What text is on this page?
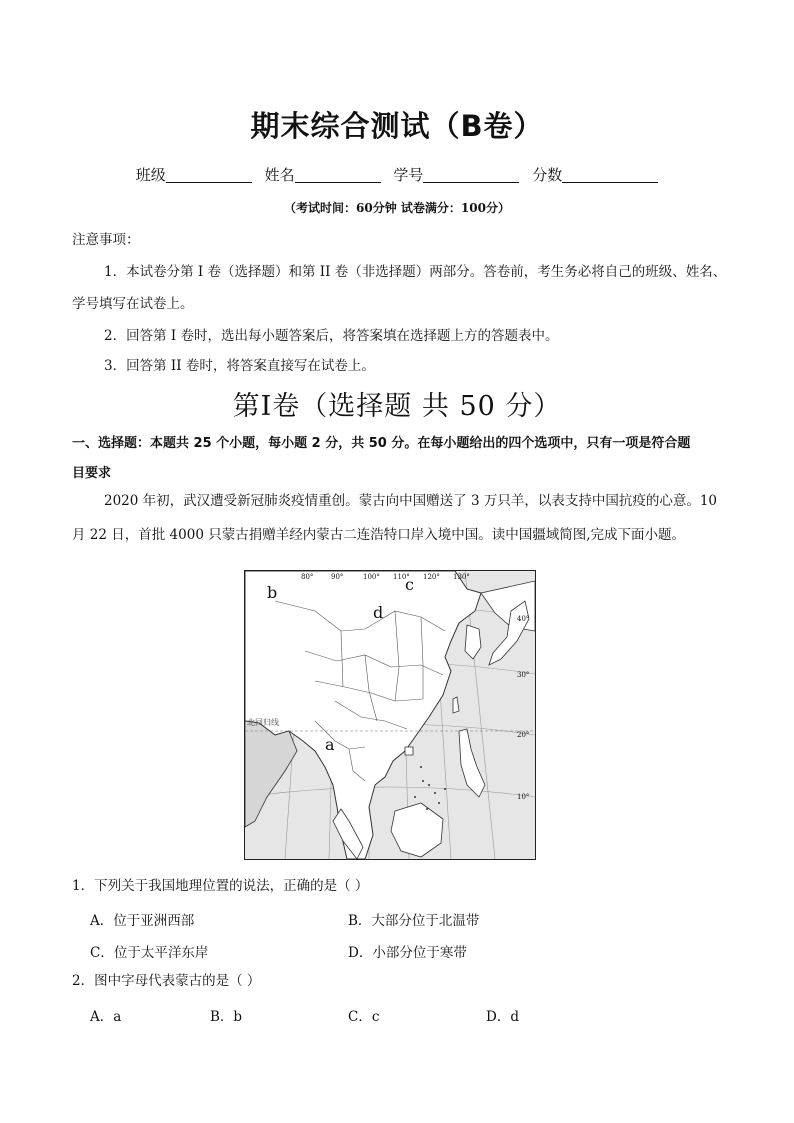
期末综合测试（B卷）
班级	姓名	学号	分数
（考试时间：60分钟 试卷满分：100分）
注意事项：
1．本试卷分第 I 卷（选择题）和第 II 卷（非选择题）两部分。答卷前，考生务必将自己的班级、姓名、
学号填写在试卷上。
2．回答第 I 卷时，选出每小题答案后，将答案填在选择题上方的答题表中。
3．回答第 II 卷时，将答案直接写在试卷上。
第I卷（选择题 共 50 分）
一、选择题：本题共 25 个小题，每小题 2 分，共 50 分。在每小题给出的四个选项中，只有一项是符合题
目要求
2020 年初，武汉遭受新冠肺炎疫情重创。蒙古向中国赠送了 3 万只羊，以表支持中国抗疫的心意。10
月 22 日，首批 4000 只蒙古捐赠羊经内蒙古二连浩特口岸入境中国。读中国疆域简图,完成下面小题。
80°	90°	100° 110° 120° 130°
40°
30°
20°
10°
b	c
d
a
北回归线
1．下列关于我国地理位置的说法，正确的是（ ）
A．位于亚洲西部	B．大部分位于北温带
C．位于太平洋东岸	D．小部分位于寒带
2．图中字母代表蒙古的是（ ）
A．a	B．b	C．c	D．d
